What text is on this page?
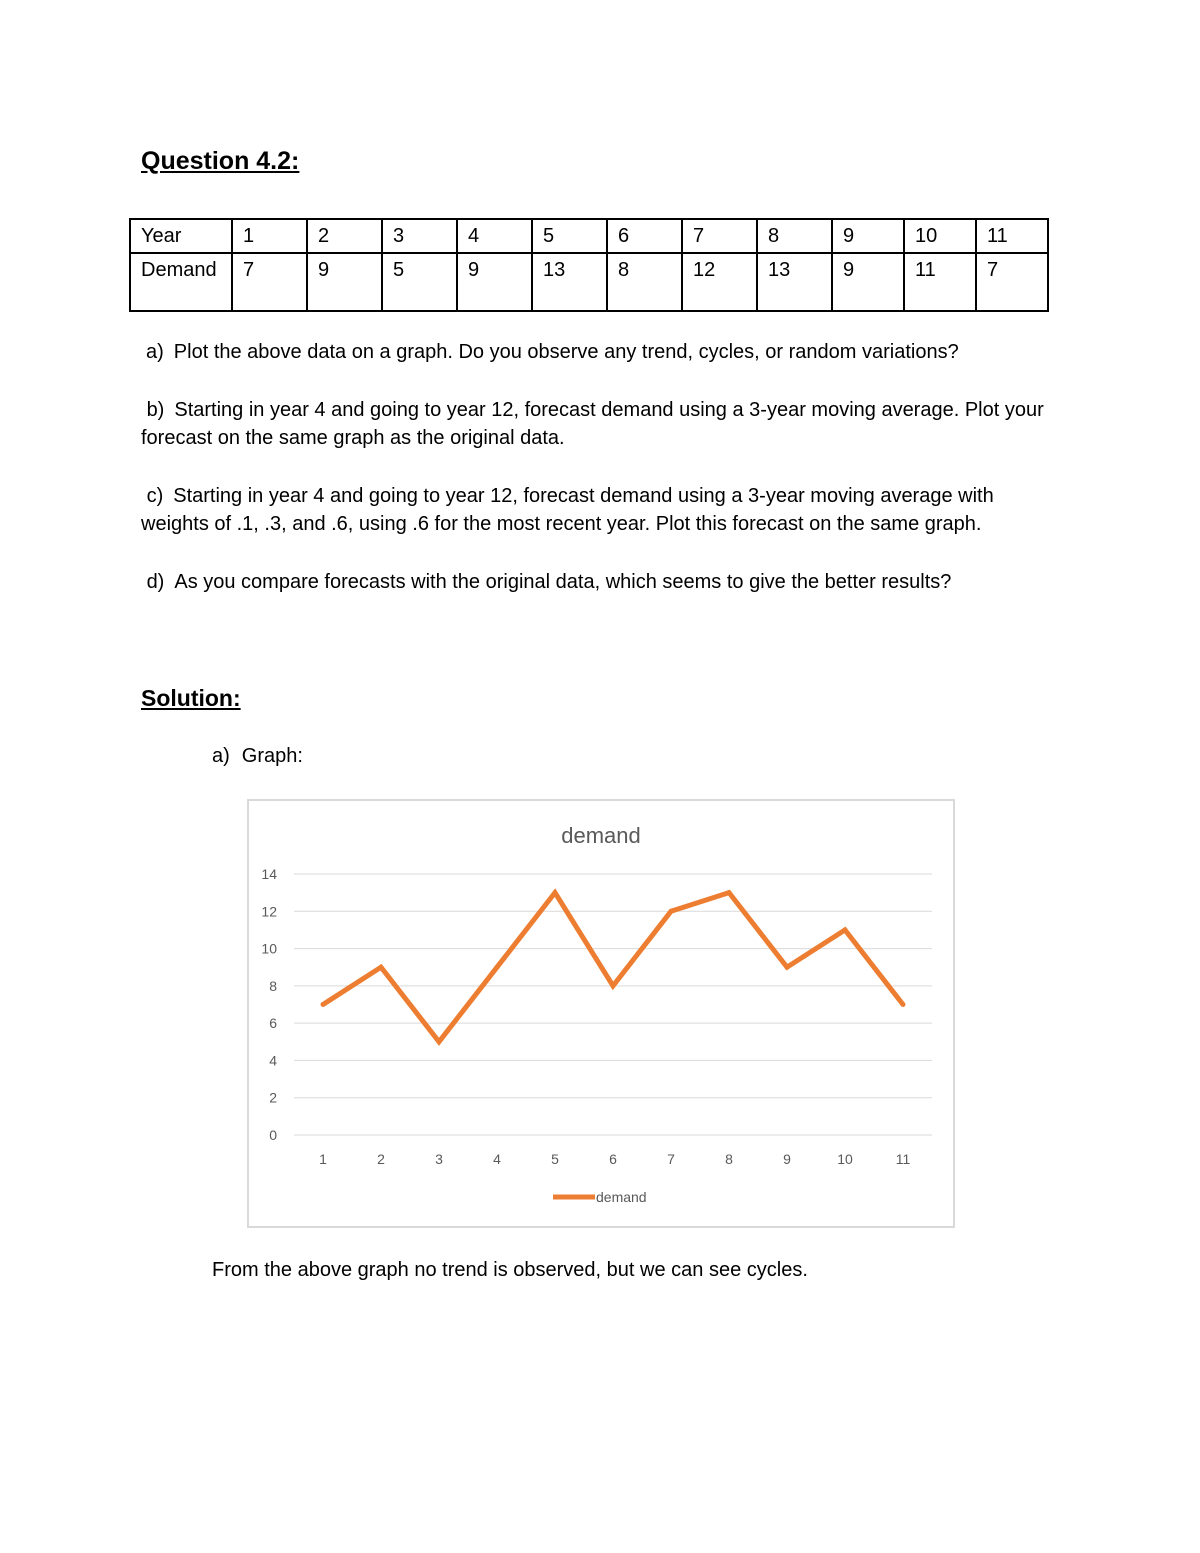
Question 4.2:
Year	1	2	3	4	5	6	7	8	9	10	11
Demand	7	9	5	9	13	8	12	13	9	11	7

a) Plot the above data on a graph. Do you observe any trend, cycles, or random variations?

b) Starting in year 4 and going to year 12, forecast demand using a 3-year moving average. Plot your forecast on the same graph as the original data.

c) Starting in year 4 and going to year 12, forecast demand using a 3-year moving average with weights of .1, .3, and .6, using .6 for the most recent year. Plot this forecast on the same graph.

d) As you compare forecasts with the original data, which seems to give the better results?

Solution:

a) Graph:

demand
0
2
4
6
8
10
12
14
1	2	3	4	5	6	7	8	9	10	11
demand

From the above graph no trend is observed, but we can see cycles.
